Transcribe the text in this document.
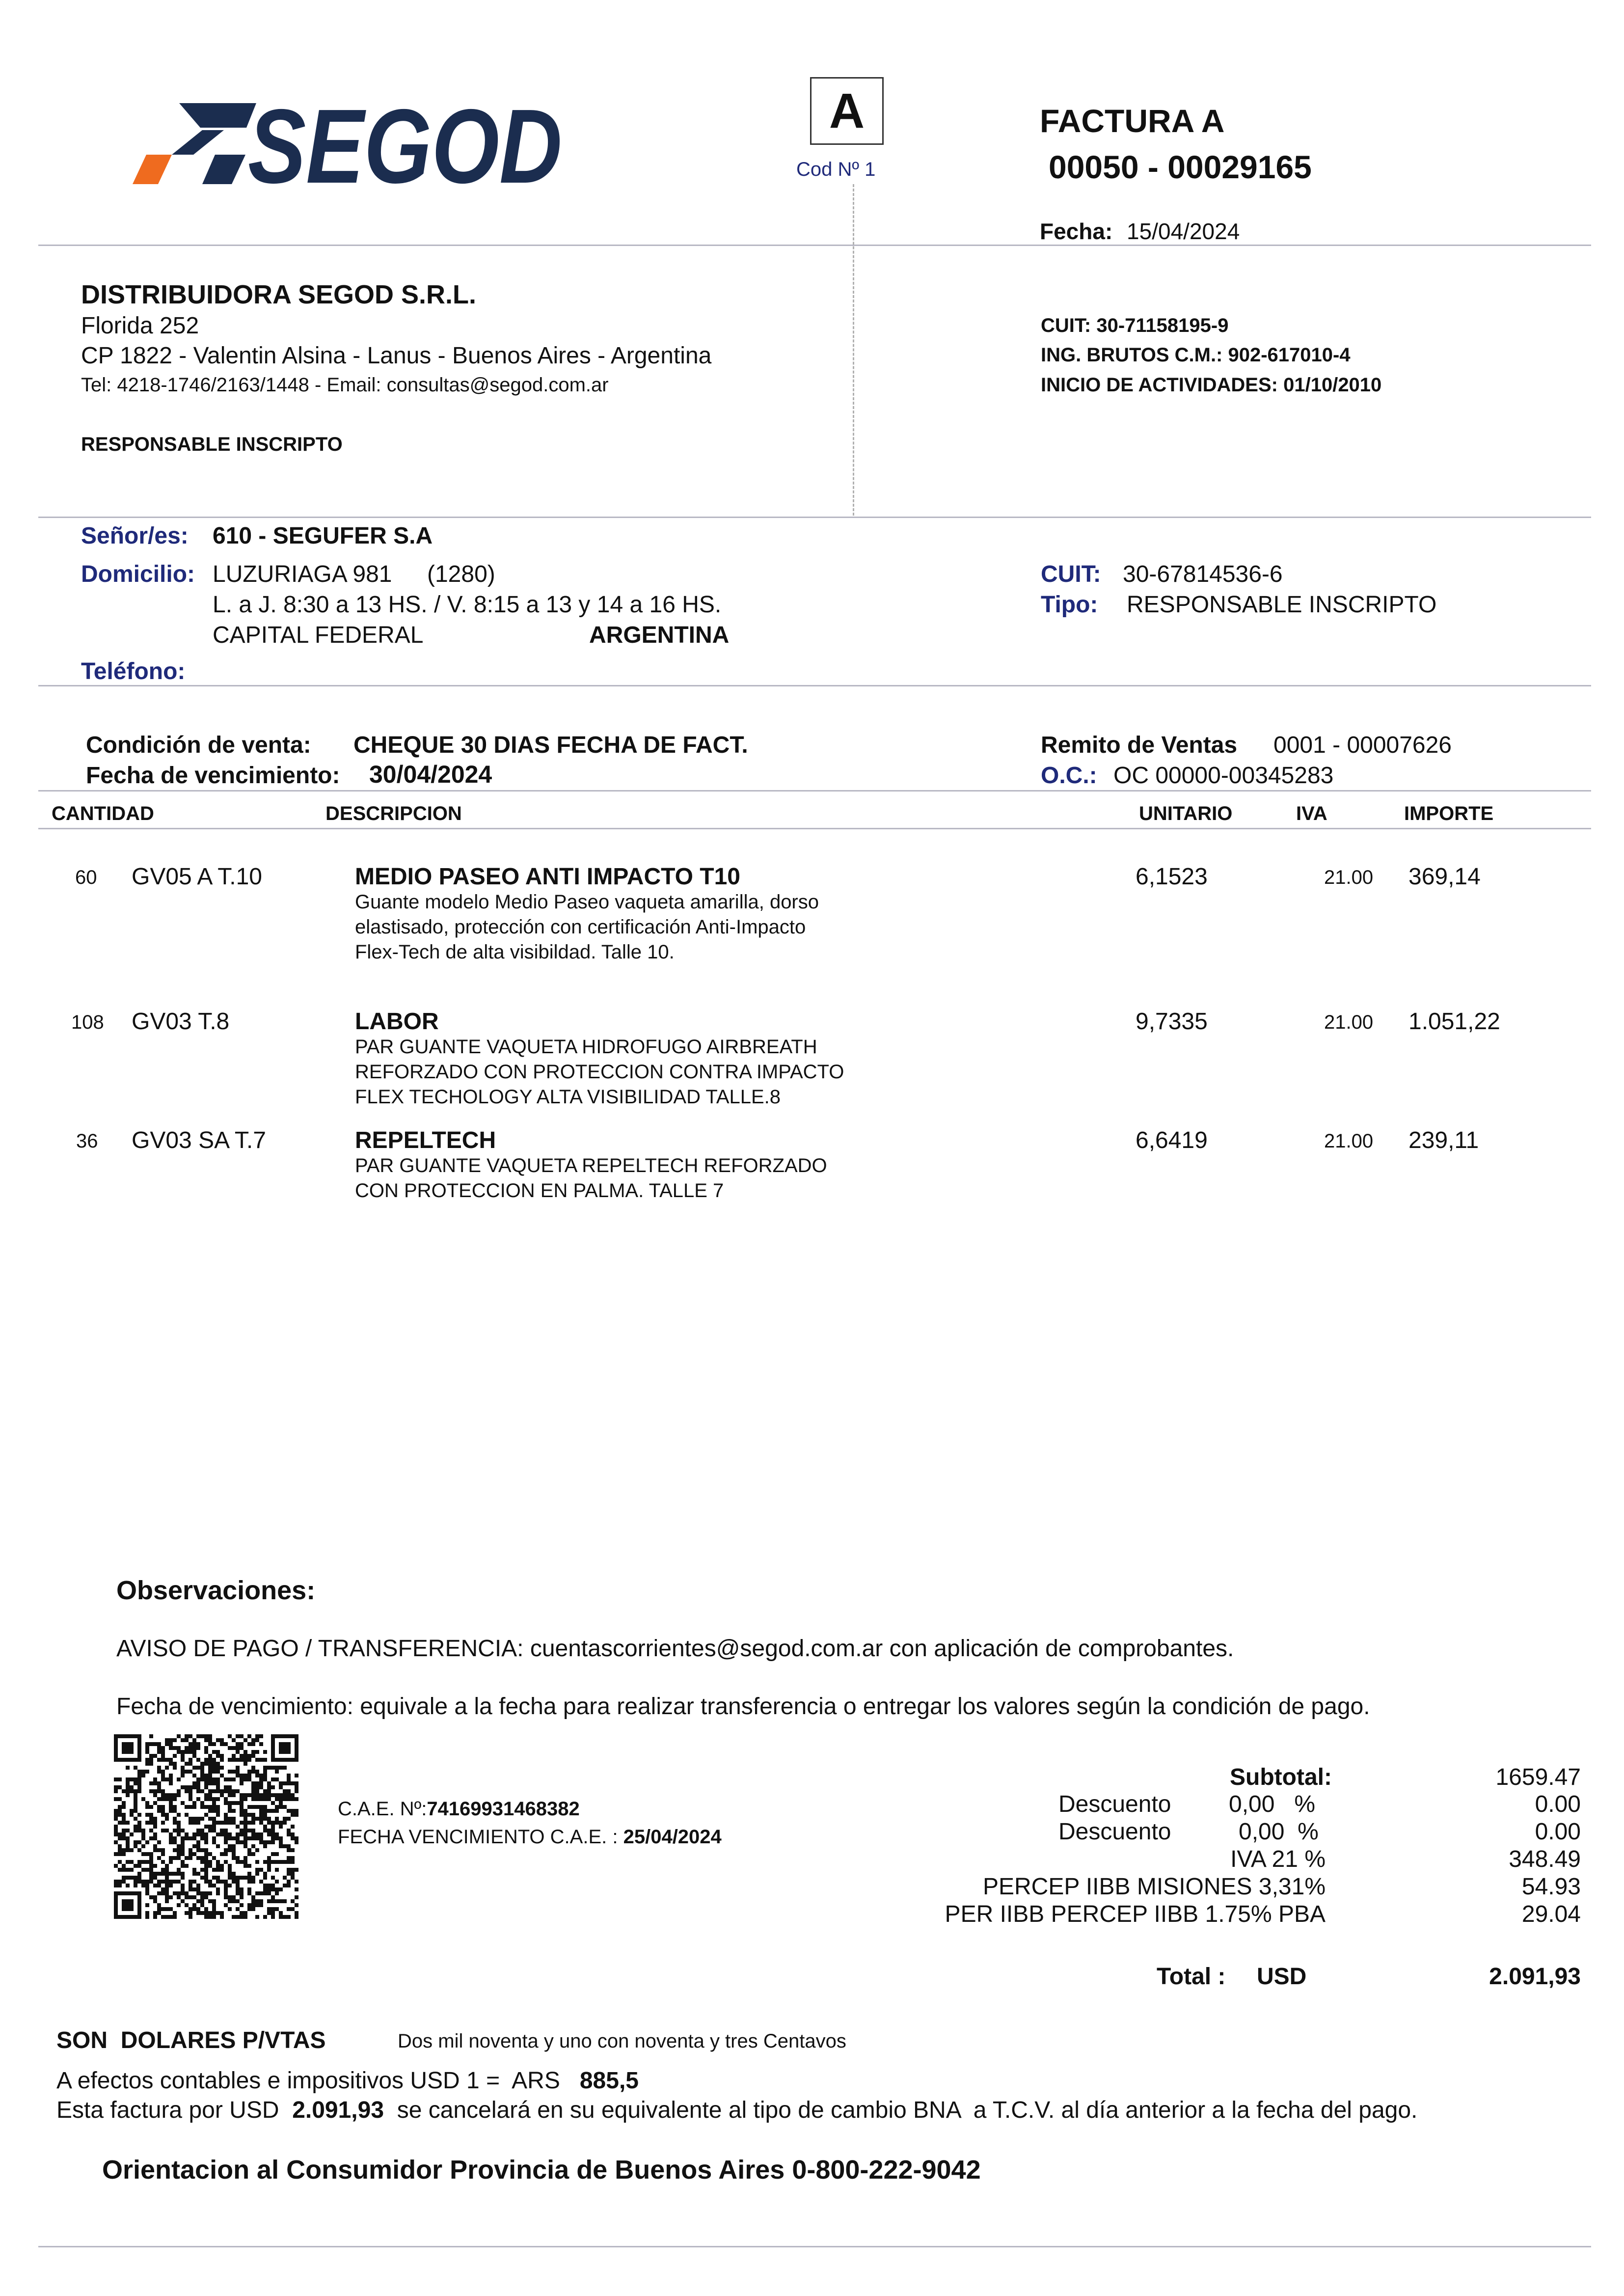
SEGOD	A
Cod Nº 1
FACTURA A
00050 - 00029165
Fecha: 15/04/2024
DISTRIBUIDORA SEGOD S.R.L.
Florida 252
CP 1822 - Valentin Alsina - Lanus - Buenos Aires - Argentina
Tel: 4218-1746/2163/1448 - Email: consultas@segod.com.ar
RESPONSABLE INSCRIPTO
CUIT: 30-71158195-9
ING. BRUTOS C.M.: 902-617010-4
INICIO DE ACTIVIDADES: 01/10/2010
Señor/es: 610 - SEGUFER S.A
Domicilio: LUZURIAGA 981 (1280)
L. a J. 8:30 a 13 HS. / V. 8:15 a 13 y 14 a 16 HS.
CAPITAL FEDERAL	ARGENTINA
Teléfono:
CUIT: 30-67814536-6
Tipo: RESPONSABLE INSCRIPTO
Condición de venta: CHEQUE 30 DIAS FECHA DE FACT.
Fecha de vencimiento: 30/04/2024
Remito de Ventas 0001 - 00007626
O.C.: OC 00000-00345283
CANTIDAD	DESCRIPCION	UNITARIO	IVA	IMPORTE
60 GV05 A T.10	MEDIO PASEO ANTI IMPACTO T10
Guante modelo Medio Paseo vaqueta amarilla, dorso
elastisado, protección con certificación Anti-Impacto
Flex-Tech de alta visibildad. Talle 10.
6,1523	21.00 369,14
108 GV03 T.8	LABOR
PAR GUANTE VAQUETA HIDROFUGO AIRBREATH
REFORZADO CON PROTECCION CONTRA IMPACTO
FLEX TECHOLOGY ALTA VISIBILIDAD TALLE.8
9,7335	21.00 1.051,22
36 GV03 SA T.7	REPELTECH
PAR GUANTE VAQUETA REPELTECH REFORZADO
CON PROTECCION EN PALMA. TALLE 7
6,6419	21.00 239,11
Observaciones:
AVISO DE PAGO / TRANSFERENCIA: cuentascorrientes@segod.com.ar con aplicación de comprobantes.
Fecha de vencimiento: equivale a la fecha para realizar transferencia o entregar los valores según la condición de pago.
C.A.E. Nº:74169931468382
FECHA VENCIMIENTO C.A.E. : 25/04/2024
Subtotal:	1659.47
Descuento 0,00   %	0.00
Descuento	0,00  %	0.00
IVA 21 %	348.49
PERCEP IIBB MISIONES 3,31%	54.93
PER IIBB PERCEP IIBB 1.75% PBA	29.04
Total : USD	2.091,93
SON  DOLARES P/VTAS	Dos mil noventa y uno con noventa y tres Centavos
A efectos contables e impositivos USD 1 =  ARS 885,5
Esta factura por USD 2.091,93 se cancelará en su equivalente al tipo de cambio BNA  a T.C.V. al día anterior a la fecha del pago.
Orientacion al Consumidor Provincia de Buenos Aires 0-800-222-9042
